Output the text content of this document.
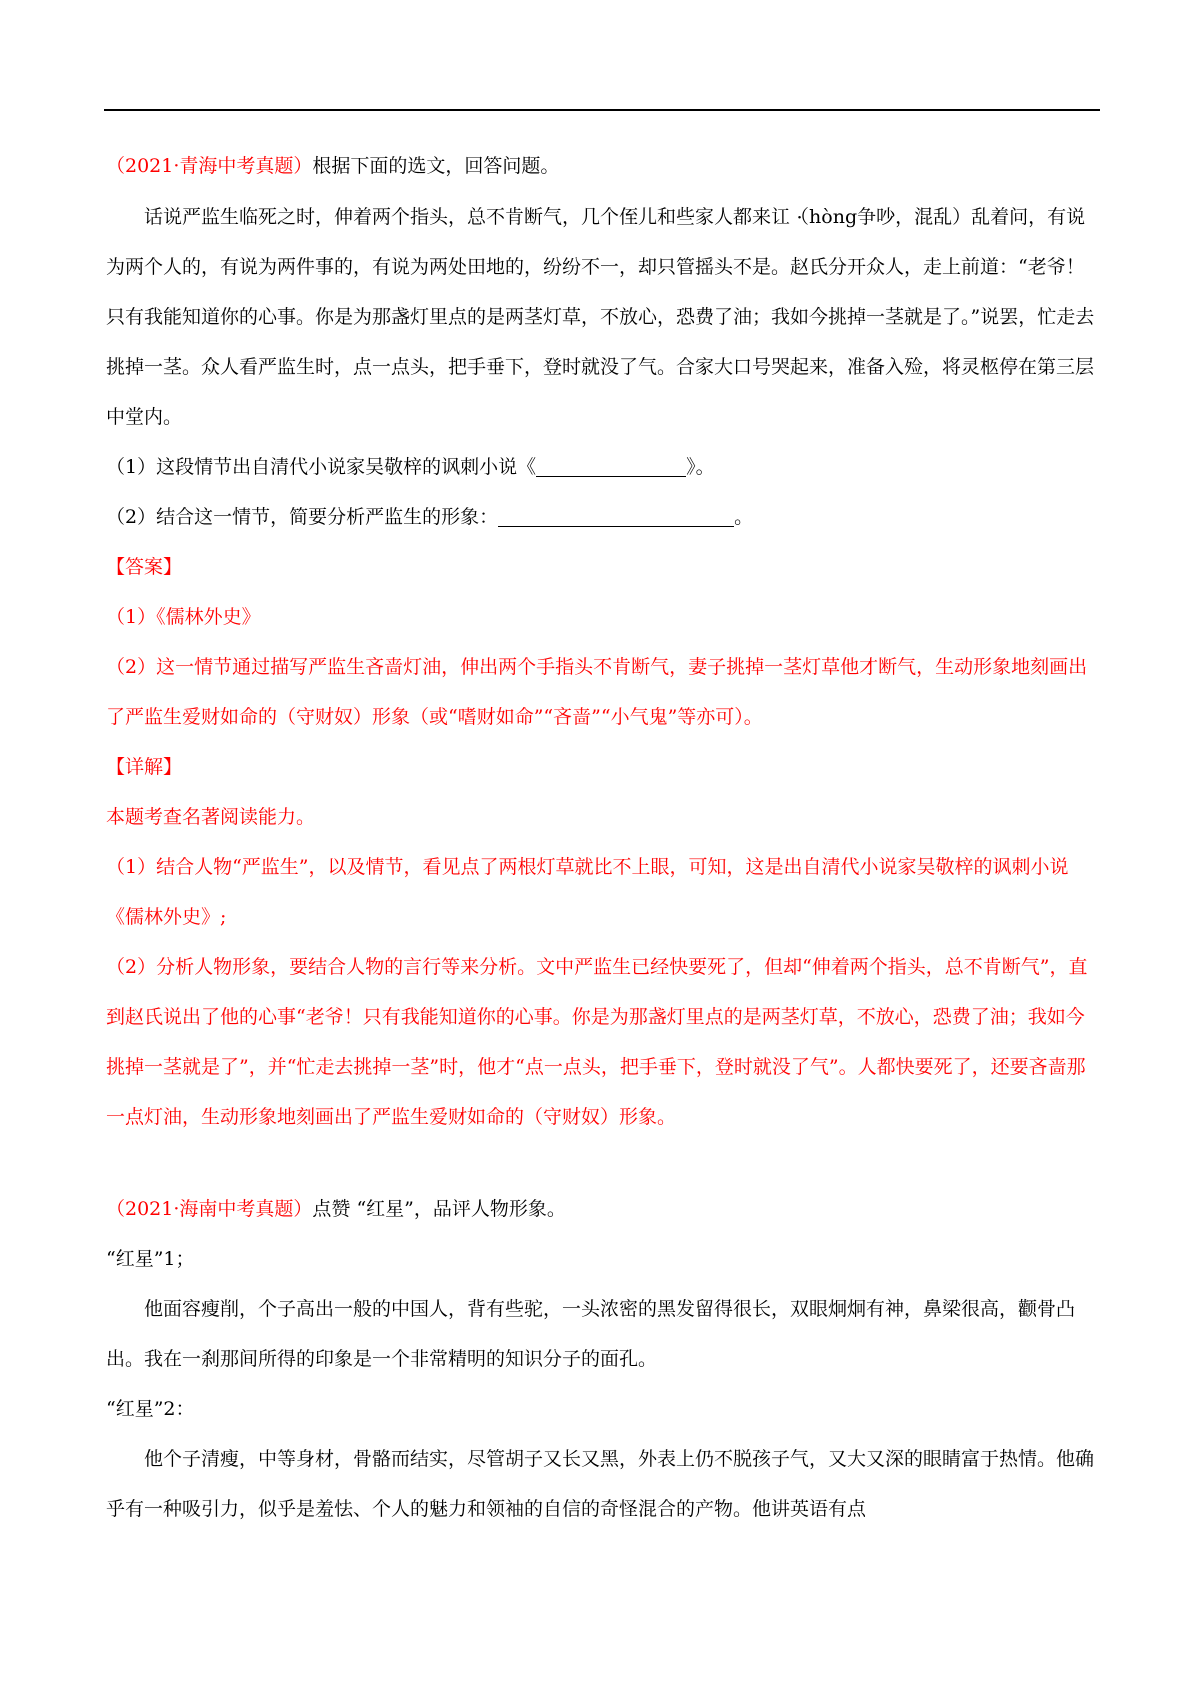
（2021·青海中考真题）根据下面的选文，回答问题。

话说严监生临死之时，伸着两个指头，总不肯断气，几个侄儿和些家人都来讧 ·（hòng争吵，混乱）乱着问，有说为两个人的，有说为两件事的，有说为两处田地的，纷纷不一，却只管摇头不是。赵氏分开众人，走上前道：“老爷！只有我能知道你的心事。你是为那盏灯里点的是两茎灯草，不放心，恐费了油；我如今挑掉一茎就是了。”说罢，忙走去挑掉一茎。众人看严监生时，点一点头，把手垂下，登时就没了气。合家大口号哭起来，准备入殓，将灵柩停在第三层中堂内。

（1）这段情节出自清代小说家吴敬梓的讽刺小说《	》。

（2）结合这一情节，简要分析严监生的形象：	。

【答案】

（1）《儒林外史》

（2）这一情节通过描写严监生吝啬灯油，伸出两个手指头不肯断气，妻子挑掉一茎灯草他才断气，生动形象地刻画出了严监生爱财如命的（守财奴）形象（或“嗜财如命”“吝啬”“小气鬼”等亦可）。

【详解】

本题考查名著阅读能力。

（1）结合人物“严监生”，以及情节，看见点了两根灯草就比不上眼，可知，这是出自清代小说家吴敬梓的讽刺小说《儒林外史》;

（2）分析人物形象，要结合人物的言行等来分析。文中严监生已经快要死了，但却“伸着两个指头，总不肯断气”，直到赵氏说出了他的心事“老爷！只有我能知道你的心事。你是为那盏灯里点的是两茎灯草，不放心，恐费了油；我如今挑掉一茎就是了”，并“忙走去挑掉一茎”时，他才“点一点头，把手垂下，登时就没了气”。人都快要死了，还要吝啬那一点灯油，生动形象地刻画出了严监生爱财如命的（守财奴）形象。

（2021·海南中考真题）点赞 “红星”，品评人物形象。

“红星”1；

他面容瘦削，个子高出一般的中国人，背有些驼，一头浓密的黑发留得很长，双眼炯炯有神，鼻梁很高，颧骨凸出。我在一刹那间所得的印象是一个非常精明的知识分子的面孔。

“红星”2：

他个子清瘦，中等身材，骨骼而结实，尽管胡子又长又黑，外表上仍不脱孩子气，又大又深的眼睛富于热情。他确乎有一种吸引力，似乎是羞怯、个人的魅力和领袖的自信的奇怪混合的产物。他讲英语有点
